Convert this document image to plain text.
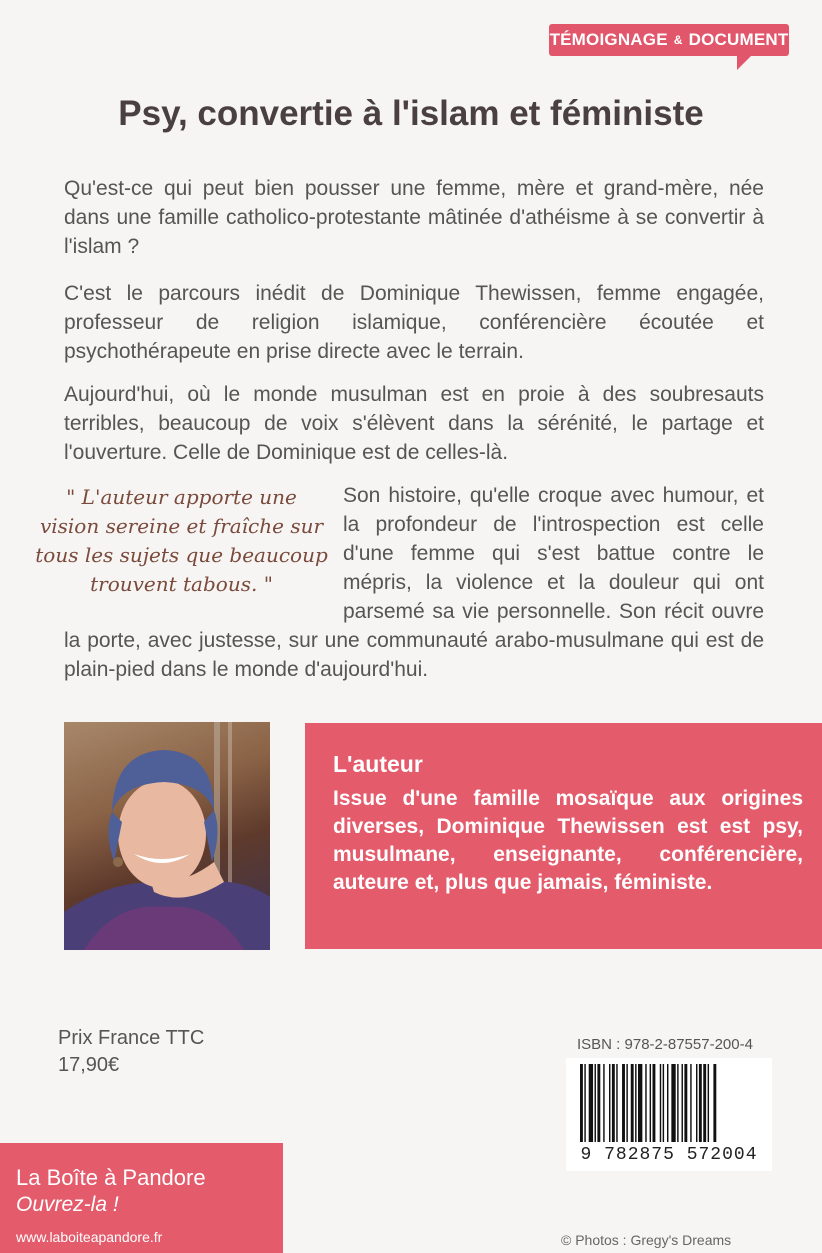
TÉMOIGNAGE & DOCUMENT
Psy, convertie à l'islam et féministe

Qu'est-ce qui peut bien pousser une femme, mère et grand-mère, née dans une famille catholico-protestante mâtinée d'athéisme à se convertir à l'islam ?

C'est le parcours inédit de Dominique Thewissen, femme engagée, professeur de religion islamique, conférencière écoutée et psychothérapeute en prise directe avec le terrain.

Aujourd'hui, où le monde musulman est en proie à des soubresauts terribles, beaucoup de voix s'élèvent dans la sérénité, le partage et l'ouverture. Celle de Dominique est de celles-là.

" L'auteur apporte une vision sereine et fraîche sur tous les sujets que beaucoup trouvent tabous. "

Son histoire, qu'elle croque avec humour, et la profondeur de l'introspection est celle d'une femme qui s'est battue contre le mépris, la violence et la douleur qui ont parsemé sa vie personnelle. Son récit ouvre la porte, avec justesse, sur une communauté arabo-musulmane qui est de plain-pied dans le monde d'aujourd'hui.

L'auteur

Issue d'une famille mosaïque aux origines diverses, Dominique Thewissen est est psy, musulmane, enseignante, conférencière, auteure et, plus que jamais, féministe.

Prix France TTC
17,90€
ISBN : 978-2-87557-200-4
9 782875 572004
La Boîte à Pandore
Ouvrez-la !
www.laboiteapandore.fr	© Photos : Gregy's Dreams
